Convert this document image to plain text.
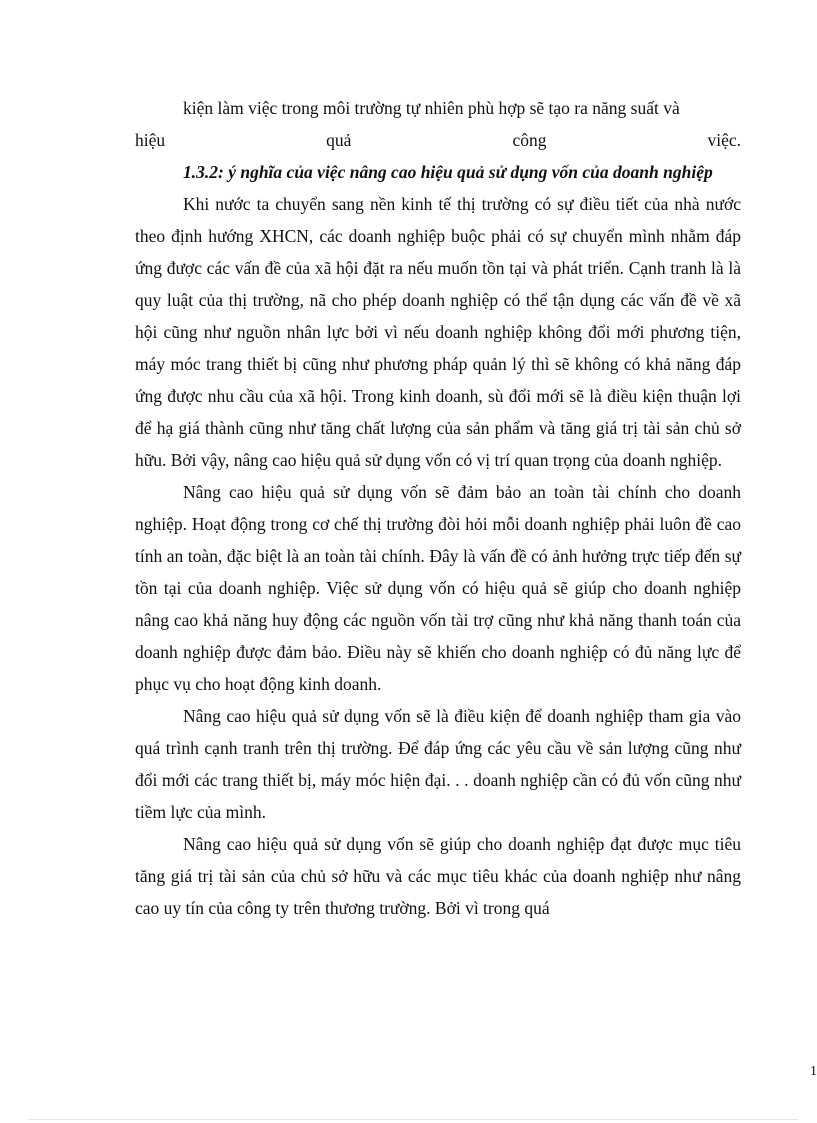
kiện làm việc trong môi trường tự nhiên phù hợp sẽ tạo ra năng suất và

hiệu quả công việc.

1.3.2: ý nghĩa của việc nâng cao hiệu quả sử dụng vốn của doanh nghiệp

Khi nước ta chuyển sang nền kinh tế thị trường có sự điều tiết của nhà nước theo định hướng XHCN, các doanh nghiệp buộc phải có sự chuyển mình nhằm đáp ứng được các vấn đề của xã hội đặt ra nếu muốn tồn tại và phát triển. Cạnh tranh là là quy luật của thị trường, nã cho phép doanh nghiệp có thể tận dụng các vấn đề về xã hội cũng như nguồn nhân lực bởi vì nếu doanh nghiệp không đổi mới phương tiện, máy móc trang thiết bị cũng như phương pháp quản lý thì sẽ không có khả năng đáp ứng được nhu cầu của xã hội. Trong kinh doanh, sù đổi mới sẽ là điều kiện thuận lợi để hạ giá thành cũng như tăng chất lượng của sản phẩm và tăng giá trị tài sản chủ sở hữu. Bởi vậy, nâng cao hiệu quả sử dụng vốn có vị trí quan trọng của doanh nghiệp.

Nâng cao hiệu quả sử dụng vốn sẽ đảm bảo an toàn tài chính cho doanh nghiệp. Hoạt động trong cơ chế thị trường đòi hỏi mỗi doanh nghiệp phải luôn đề cao tính an toàn, đặc biệt là an toàn tài chính. Đây là vấn đề có ảnh hưởng trực tiếp đến sự tồn tại của doanh nghiệp. Việc sử dụng vốn có hiệu quả sẽ giúp cho doanh nghiệp nâng cao khả năng huy động các nguồn vốn tài trợ cũng như khả năng thanh toán của doanh nghiệp được đảm bảo. Điều này sẽ khiến cho doanh nghiệp có đủ năng lực để phục vụ cho hoạt động kinh doanh.

Nâng cao hiệu quả sử dụng vốn sẽ là điều kiện để doanh nghiệp tham gia vào quá trình cạnh tranh trên thị trường. Để đáp ứng các yêu cầu về sản lượng cũng như đổi mới các trang thiết bị, máy móc hiện đại. . . doanh nghiệp cần có đủ vốn cũng như tiềm lực của mình.

Nâng cao hiệu quả sử dụng vốn sẽ giúp cho doanh nghiệp đạt được mục tiêu tăng giá trị tài sản của chủ sở hữu và các mục tiêu khác của doanh nghiệp như nâng cao uy tín của công ty trên thương trường. Bởi vì trong quá

1
